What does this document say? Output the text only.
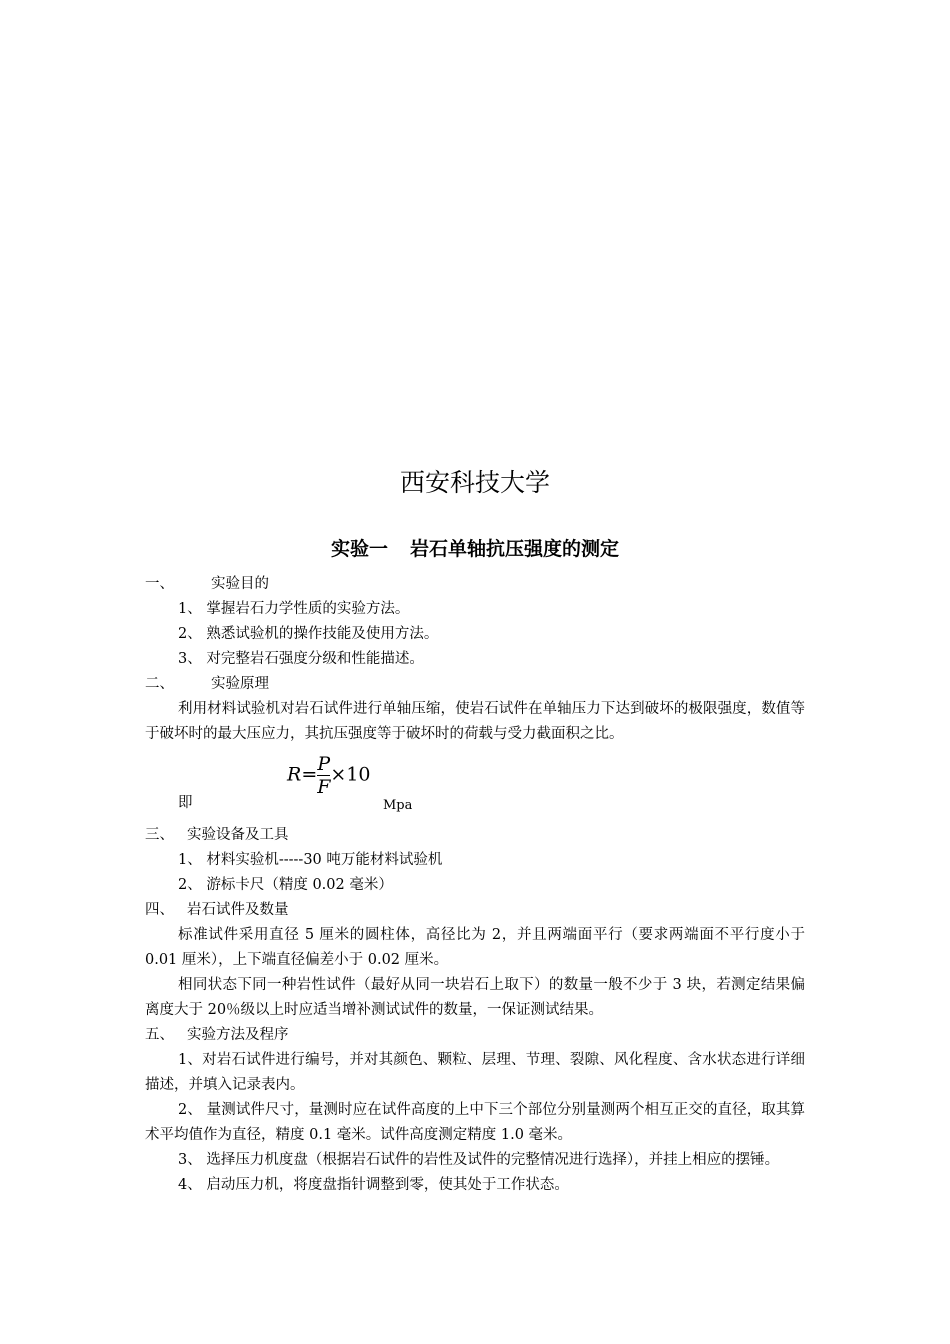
西安科技大学
实验一 岩石单轴抗压强度的测定
一、	实验目的
1、 掌握岩石力学性质的实验方法。
2、 熟悉试验机的操作技能及使用方法。
3、 对完整岩石强度分级和性能描述。
二、	实验原理
利用材料试验机对岩石试件进行单轴压缩，使岩石试件在单轴压力下达到破坏的极限强度，数值等于破坏时的最大压应力，其抗压强度等于破坏时的荷载与受力截面积之比。
即
$R= \frac{P}{F} \times 10$
Mpa
三、 实验设备及工具
1、 材料实验机-----30 吨万能材料试验机
2、 游标卡尺（精度 0.02 毫米）
四、 岩石试件及数量
标准试件采用直径 5 厘米的圆柱体，高径比为 2，并且两端面平行（要求两端面不平行度小于 0.01 厘米），上下端直径偏差小于 0.02 厘米。
相同状态下同一种岩性试件（最好从同一块岩石上取下）的数量一般不少于 3 块，若测定结果偏离度大于 20％级以上时应适当增补测试试件的数量，一保证测试结果。
五、 实验方法及程序
1、对岩石试件进行编号，并对其颜色、颗粒、层理、节理、裂隙、风化程度、含水状态进行详细描述，并填入记录表内。
2、 量测试件尺寸，量测时应在试件高度的上中下三个部位分别量测两个相互正交的直径，取其算术平均值作为直径，精度 0.1 毫米。试件高度测定精度 1.0 毫米。
3、 选择压力机度盘（根据岩石试件的岩性及试件的完整情况进行选择），并挂上相应的摆锤。
4、 启动压力机，将度盘指针调整到零，使其处于工作状态。
